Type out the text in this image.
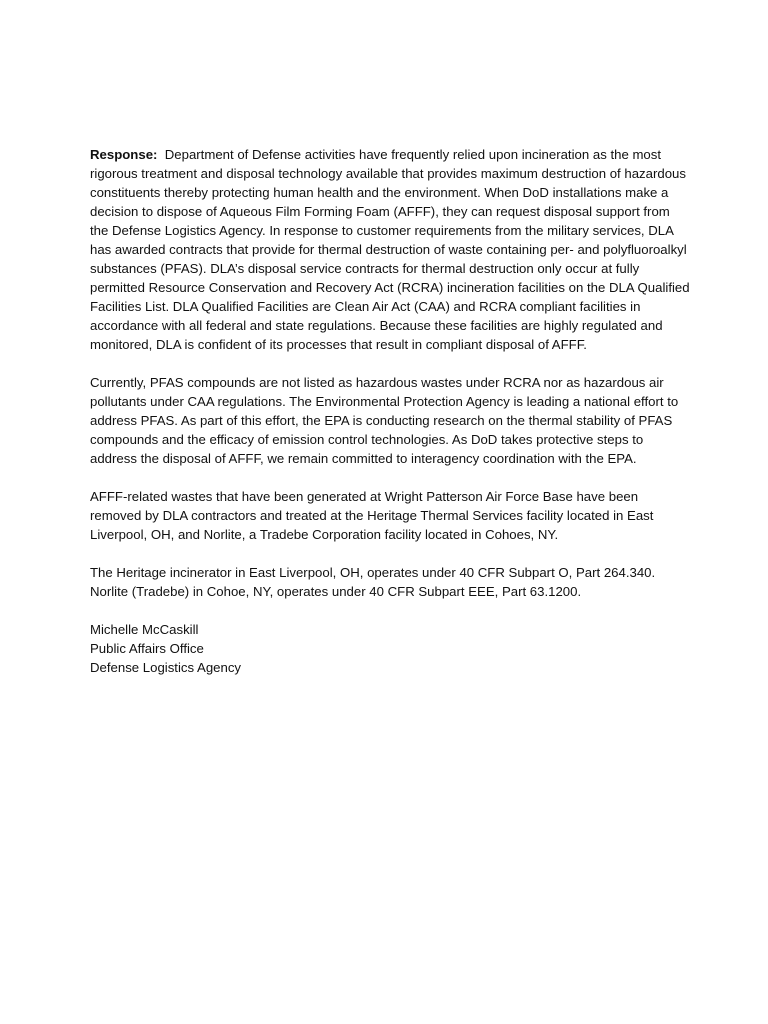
Response: Department of Defense activities have frequently relied upon incineration as the most rigorous treatment and disposal technology available that provides maximum destruction of hazardous constituents thereby protecting human health and the environment. When DoD installations make a decision to dispose of Aqueous Film Forming Foam (AFFF), they can request disposal support from the Defense Logistics Agency. In response to customer requirements from the military services, DLA has awarded contracts that provide for thermal destruction of waste containing per- and polyfluoroalkyl substances (PFAS). DLA’s disposal service contracts for thermal destruction only occur at fully permitted Resource Conservation and Recovery Act (RCRA) incineration facilities on the DLA Qualified Facilities List. DLA Qualified Facilities are Clean Air Act (CAA) and RCRA compliant facilities in accordance with all federal and state regulations. Because these facilities are highly regulated and monitored, DLA is confident of its processes that result in compliant disposal of AFFF.

Currently, PFAS compounds are not listed as hazardous wastes under RCRA nor as hazardous air pollutants under CAA regulations. The Environmental Protection Agency is leading a national effort to address PFAS. As part of this effort, the EPA is conducting research on the thermal stability of PFAS compounds and the efficacy of emission control technologies. As DoD takes protective steps to address the disposal of AFFF, we remain committed to interagency coordination with the EPA.

AFFF-related wastes that have been generated at Wright Patterson Air Force Base have been removed by DLA contractors and treated at the Heritage Thermal Services facility located in East Liverpool, OH, and Norlite, a Tradebe Corporation facility located in Cohoes, NY.

The Heritage incinerator in East Liverpool, OH, operates under 40 CFR Subpart O, Part 264.340. Norlite (Tradebe) in Cohoe, NY, operates under 40 CFR Subpart EEE, Part 63.1200.

Michelle McCaskill

Public Affairs Office

Defense Logistics Agency
